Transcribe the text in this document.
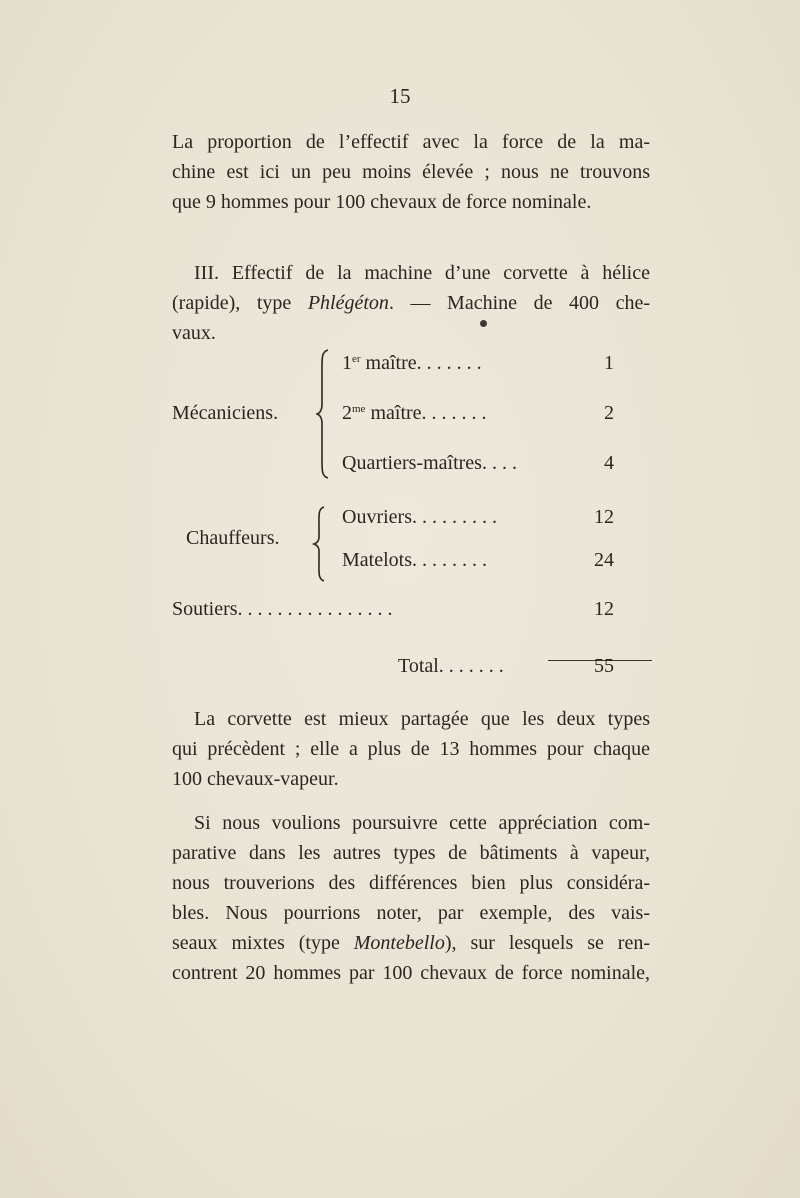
15
La proportion de l’effectif avec la force de la ma-
chine est ici un peu moins élevée ; nous ne trouvons
que 9 hommes pour 100 chevaux de force nominale.
III. Effectif de la machine d’une corvette à hélice
(rapide), type Phlégéton. — Machine de 400 che-
vaux.
Mécaniciens.
1er maître. . . . . . .	1
$2^{me}$ maître. . . . . . .	2
Quartiers-maîtres. . . .	4
Chauffeurs.
Ouvriers. . . . . . . . .	12
Matelots. . . . . . . .	24
Soutiers. . . . . . . . . . . . . . . .	12
Total. . . . . . .	55
La corvette est mieux partagée que les deux types
qui précèdent ; elle a plus de 13 hommes pour chaque
100 chevaux-vapeur.
Si nous voulions poursuivre cette appréciation com-
parative dans les autres types de bâtiments à vapeur,
nous trouverions des différences bien plus considéra-
bles. Nous pourrions noter, par exemple, des vais-
seaux mixtes (type Montebello), sur lesquels se ren-
contrent 20 hommes par 100 chevaux de force nominale,
